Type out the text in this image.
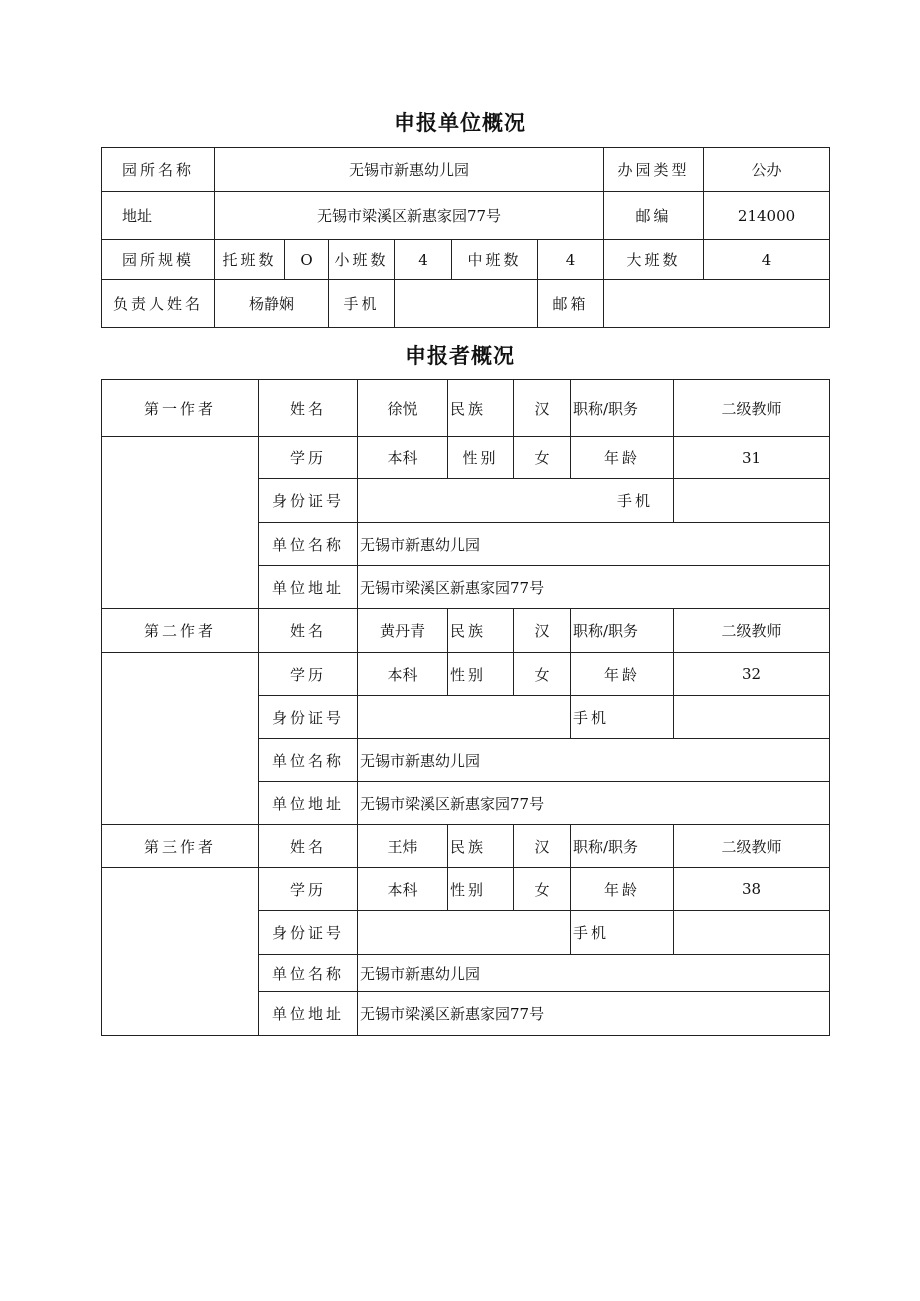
申报单位概况
园所名称	无锡市新惠幼儿园						办园类型	公办
地址	无锡市梁溪区新惠家园77号						邮编	214000
园所规模	托班数	O	小班数	4	中班数	4	大班数	4
负责人姓名	杨静娴		手机			邮箱		
申报者概况
第一作者	姓名	徐悦	民族	汉	职称/职务	二级教师
	学历	本科	性别	女	年龄	31
	身份证号	手机				
	单位名称	无锡市新惠幼儿园				
	单位地址	无锡市梁溪区新惠家园77号				
第二作者	姓名	黄丹青	民族	汉	职称/职务	二级教师
	学历	本科	性别	女	年龄	32
	身份证号				手机	
	单位名称	无锡市新惠幼儿园				
	单位地址	无锡市梁溪区新惠家园77号				
第三作者	姓名	王炜	民族	汉	职称/职务	二级教师
	学历	本科	性别	女	年龄	38
	身份证号				手机	
	单位名称	无锡市新惠幼儿园				
	单位地址	无锡市梁溪区新惠家园77号				
